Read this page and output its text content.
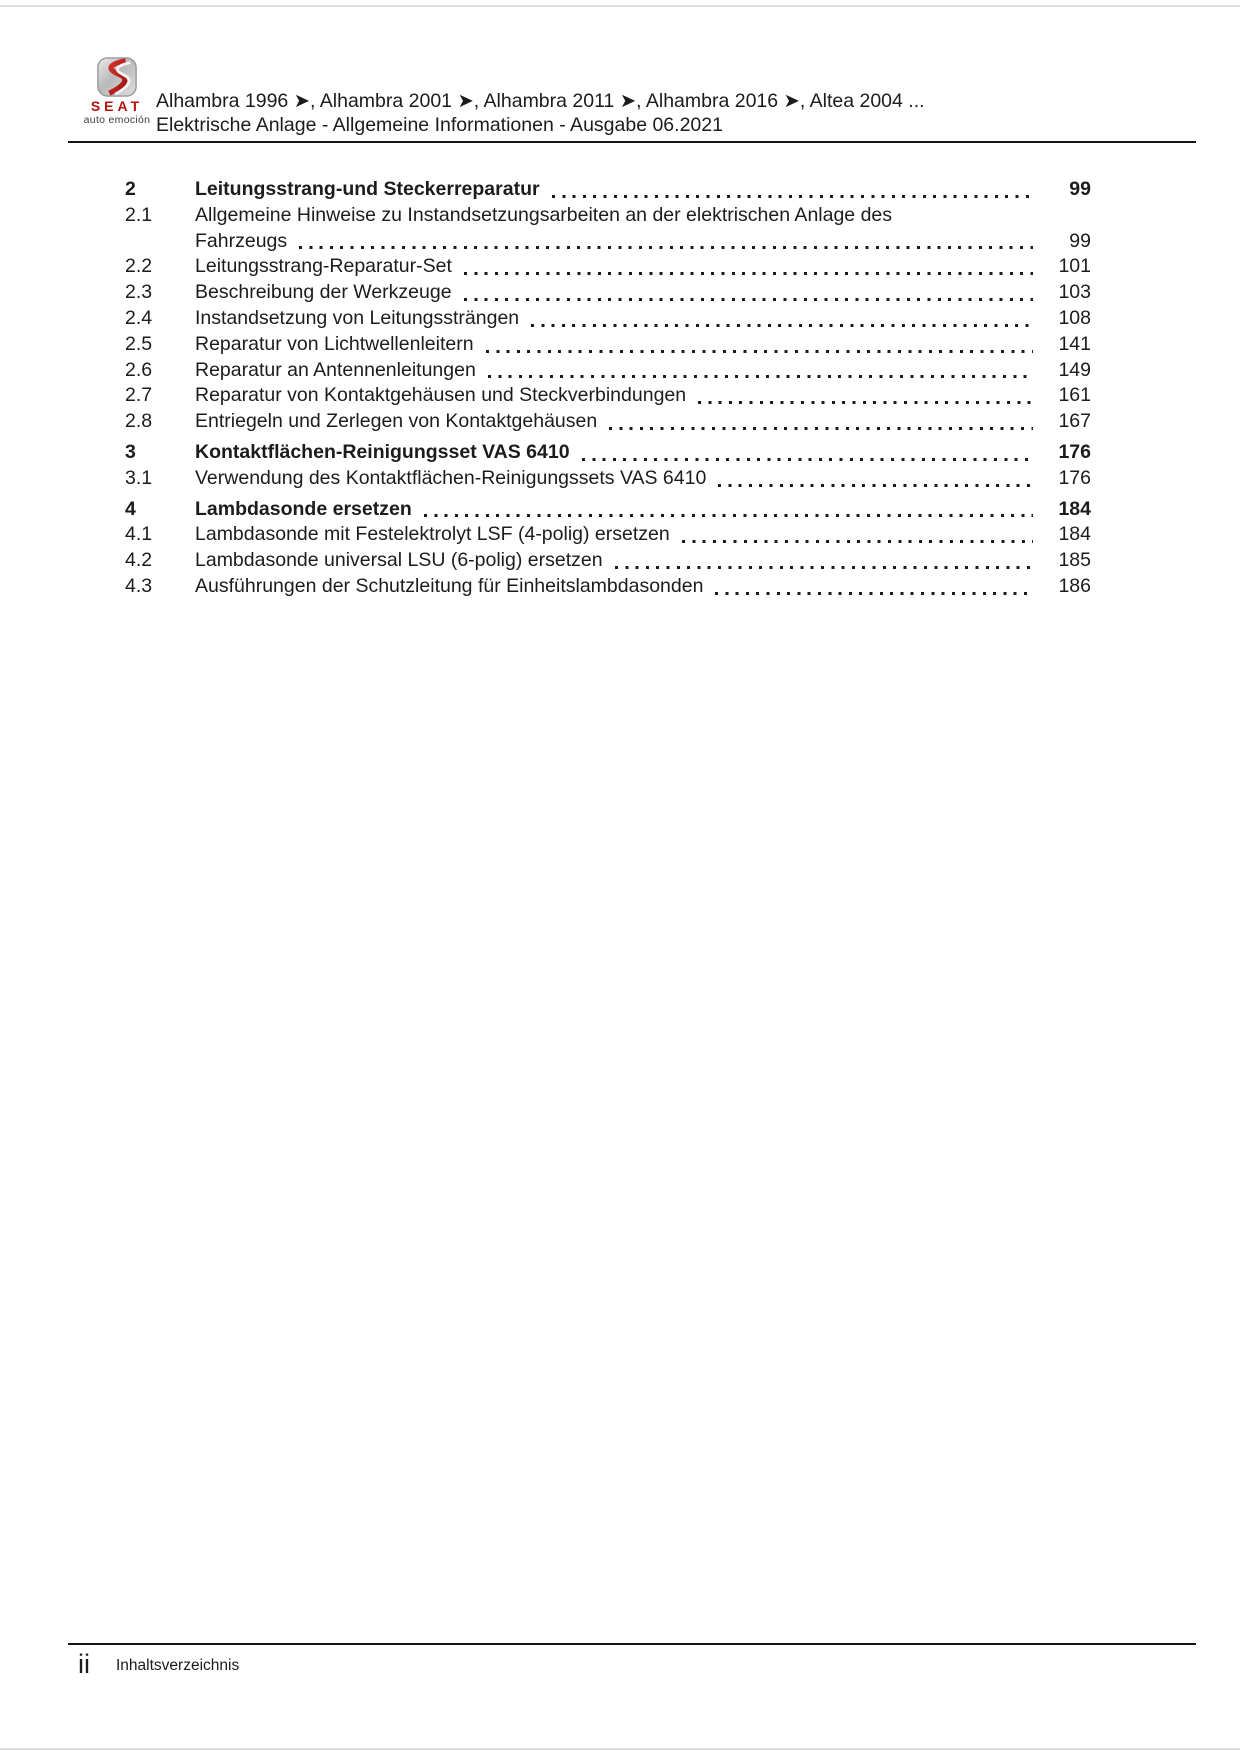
SEAT
auto emoción
Alhambra 1996 ➤, Alhambra 2001 ➤, Alhambra 2011 ➤, Alhambra 2016 ➤, Altea 2004 ...
Elektrische Anlage - Allgemeine Informationen - Ausgabe 06.2021
2	Leitungsstrang-und Steckerreparatur	99
2.1	Allgemeine Hinweise zu Instandsetzungsarbeiten an der elektrischen Anlage des
Fahrzeugs	99
2.2	Leitungsstrang-Reparatur-Set	101
2.3	Beschreibung der Werkzeuge	103
2.4	Instandsetzung von Leitungssträngen	108
2.5	Reparatur von Lichtwellenleitern	141
2.6	Reparatur an Antennenleitungen	149
2.7	Reparatur von Kontaktgehäusen und Steckverbindungen	161
2.8	Entriegeln und Zerlegen von Kontaktgehäusen	167
3	Kontaktflächen-Reinigungsset VAS 6410	176
3.1	Verwendung des Kontaktflächen-Reinigungssets VAS 6410	176
4	Lambdasonde ersetzen	184
4.1	Lambdasonde mit Festelektrolyt LSF (4-polig) ersetzen	184
4.2	Lambdasonde universal LSU (6-polig) ersetzen	185
4.3	Ausführungen der Schutzleitung für Einheitslambdasonden	186
ii Inhaltsverzeichnis
